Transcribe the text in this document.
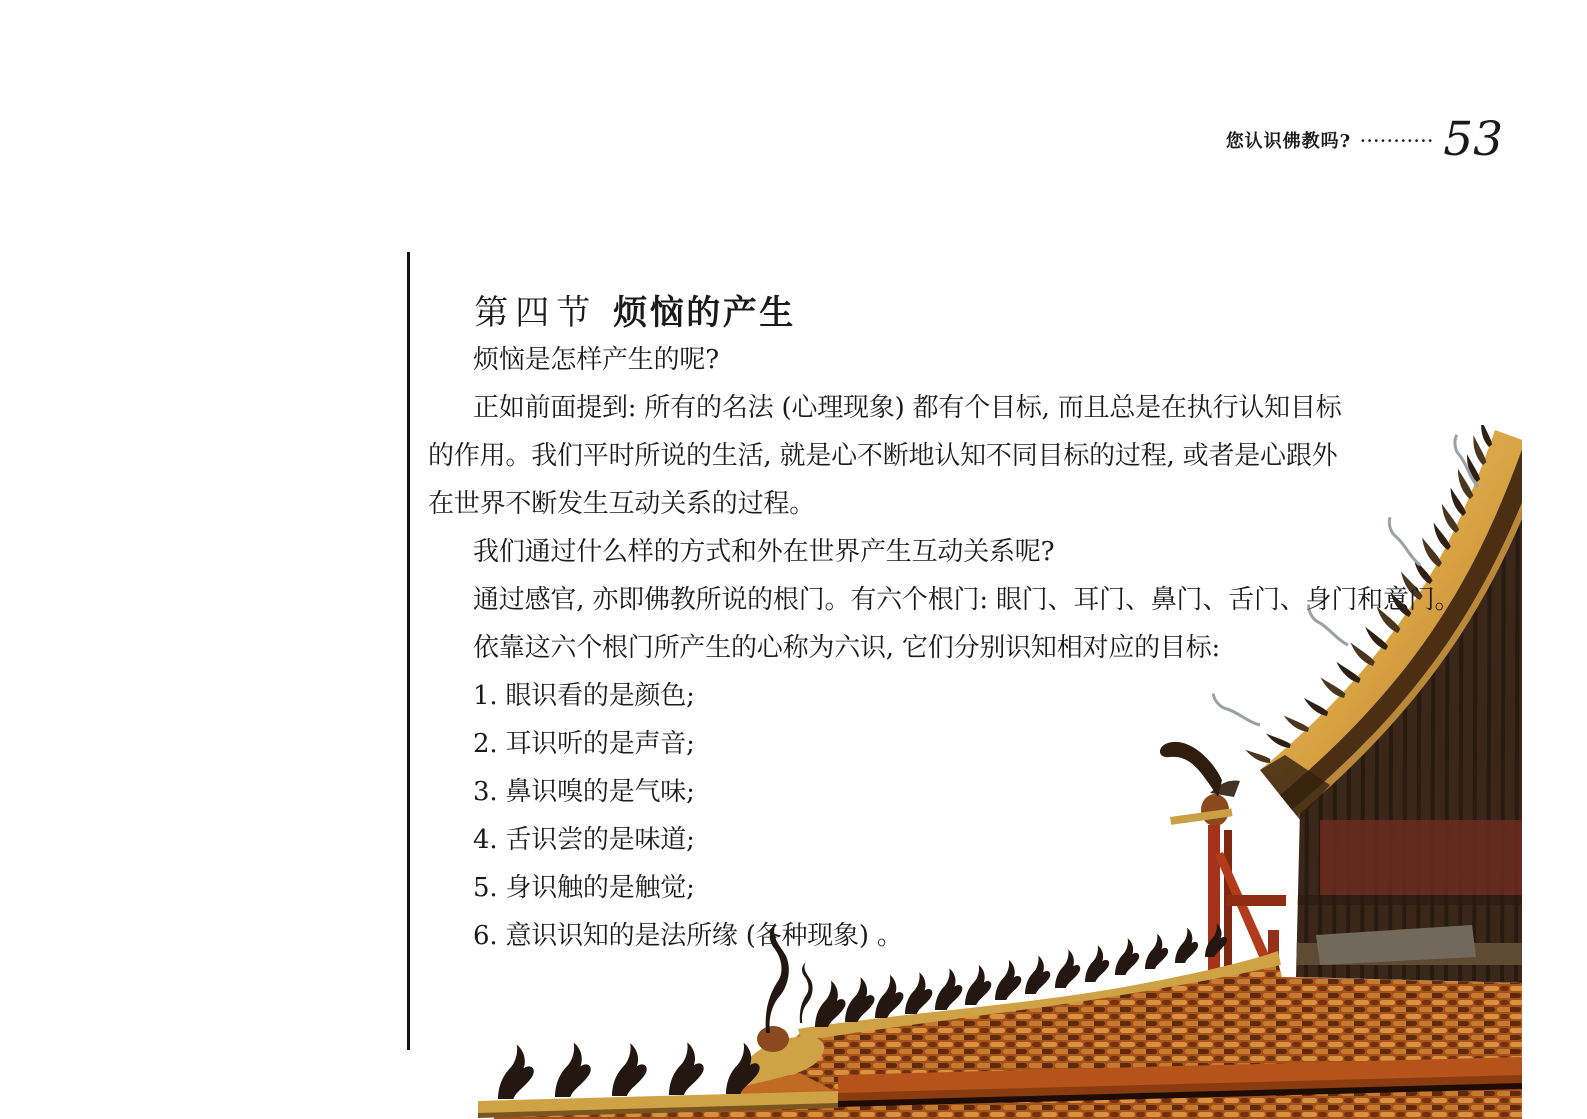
您认识佛教吗? ··········· 53

第四节 烦恼的产生

烦恼是怎样产生的呢?
正如前面提到: 所有的名法 (心理现象) 都有个目标, 而且总是在执行认知目标
的作用。我们平时所说的生活, 就是心不断地认知不同目标的过程, 或者是心跟外
在世界不断发生互动关系的过程。
我们通过什么样的方式和外在世界产生互动关系呢?
通过感官, 亦即佛教所说的根门。有六个根门: 眼门、耳门、鼻门、舌门、身门和意门。
依靠这六个根门所产生的心称为六识, 它们分别识知相对应的目标:
1. 眼识看的是颜色;
2. 耳识听的是声音;
3. 鼻识嗅的是气味;
4. 舌识尝的是味道;
5. 身识触的是触觉;
6. 意识识知的是法所缘 (各种现象) 。
